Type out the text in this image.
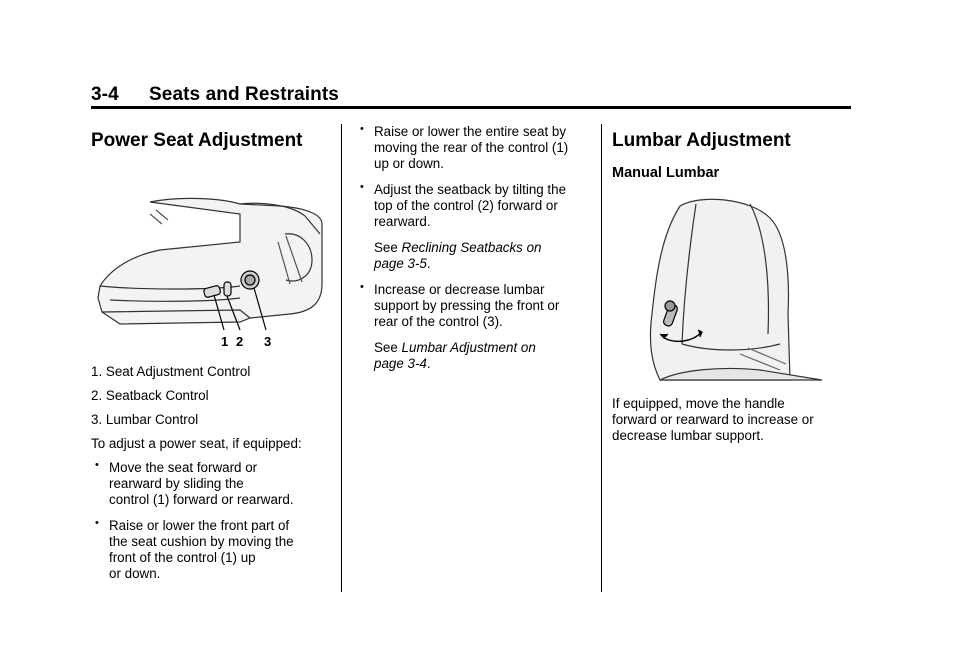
3-4 Seats and Restraints
Power Seat Adjustment
1 2 3

1. Seat Adjustment Control

2. Seatback Control

3. Lumbar Control

To adjust a power seat, if equipped:

• Move the seat forward or
rearward by sliding the
control (1) forward or rearward.
• Raise or lower the front part of
the seat cushion by moving the
front of the control (1) up
or down.
• Raise or lower the entire seat by
moving the rear of the control (1)
up or down.
• Adjust the seatback by tilting the
top of the control (2) forward or
rearward.
See Reclining Seatbacks on
page 3-5.
• Increase or decrease lumbar
support by pressing the front or
rear of the control (3).
See Lumbar Adjustment on
page 3-4.
Lumbar Adjustment
Manual Lumbar
If equipped, move the handle
forward or rearward to increase or
decrease lumbar support.
